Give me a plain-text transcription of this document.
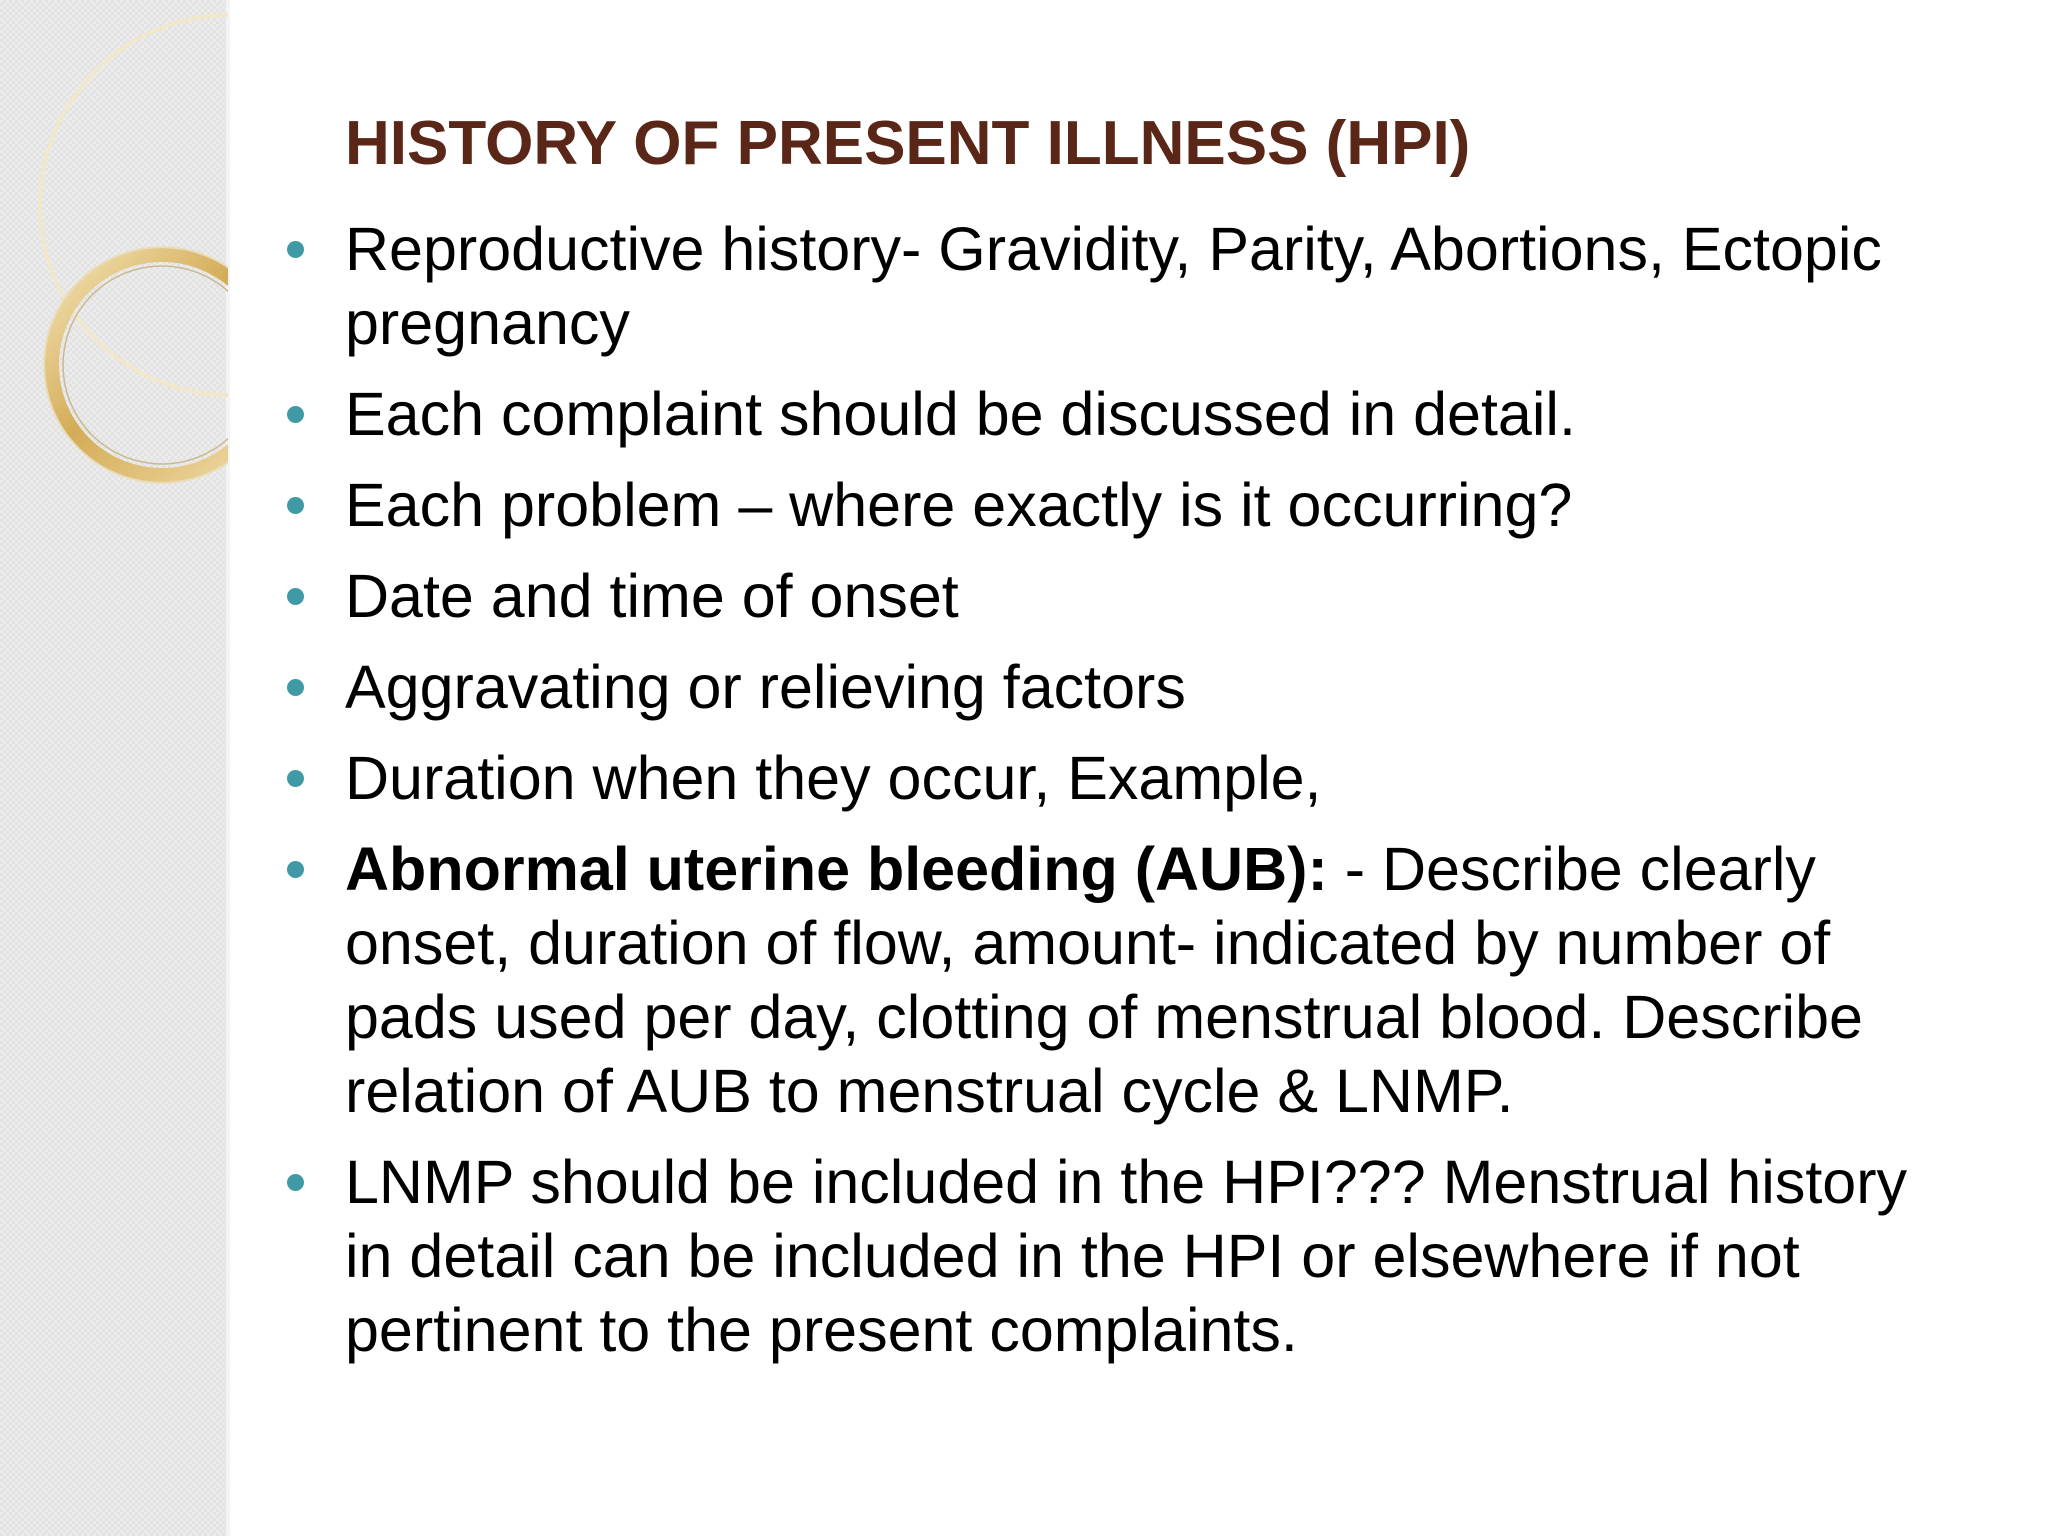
HISTORY OF PRESENT ILLNESS (HPI)
Reproductive history- Gravidity, Parity, Abortions, Ectopic pregnancy
Each complaint should be discussed in detail.
Each problem – where exactly is it occurring?
Date and time of onset
Aggravating or relieving factors
Duration when they occur, Example,
Abnormal uterine bleeding (AUB): - Describe clearly onset, duration of flow, amount- indicated by number of pads used per day, clotting of menstrual blood. Describe relation of AUB to menstrual cycle & LNMP.
LNMP should be included in the HPI??? Menstrual history in detail can be included in the HPI or elsewhere if not pertinent to the present complaints.
